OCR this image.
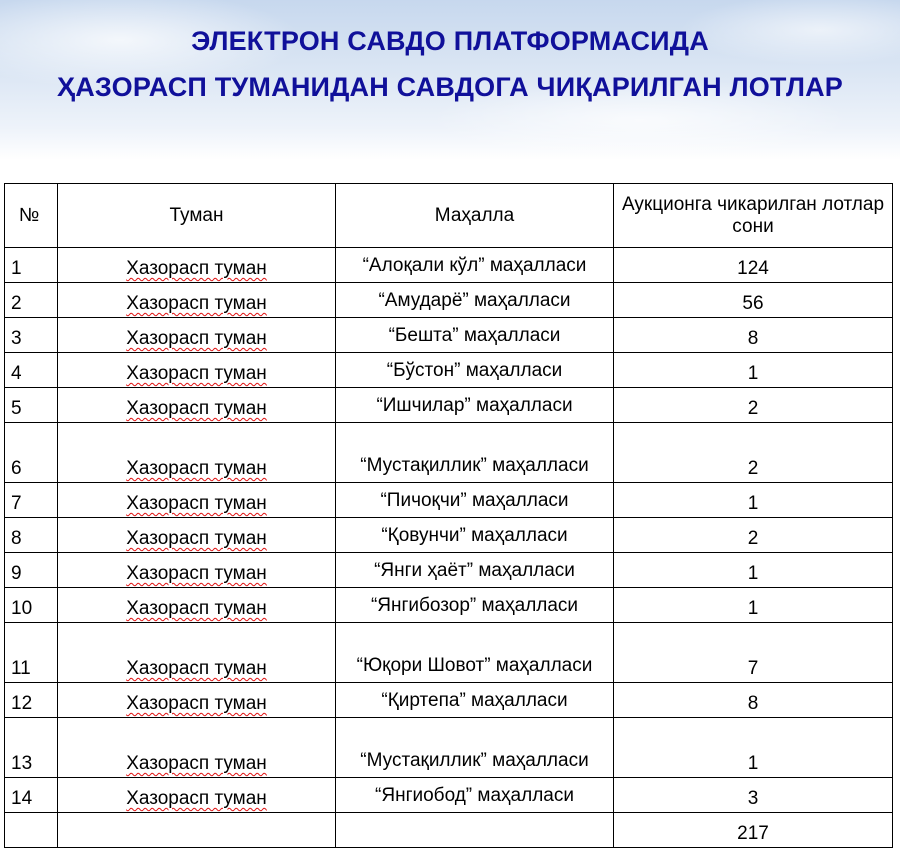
ЭЛЕКТРОН САВДО ПЛАТФОРМАСИДА
ҲАЗОРАСП ТУМАНИДАН САВДОГА ЧИҚАРИЛГАН ЛОТЛАР
№	Туман	Маҳалла	Аукционга чикарилган лотлар сони
1	Хазорасп туман	“Алоқали кўл” маҳалласи	124
2	Хазорасп туман	“Амударё” маҳалласи	56
3	Хазорасп туман	“Бешта” маҳалласи	8
4	Хазорасп туман	“Бўстон” маҳалласи	1
5	Хазорасп туман	“Ишчилар” маҳалласи	2
6	Хазорасп туман	“Мустақиллик” маҳалласи	2
7	Хазорасп туман	“Пичоқчи” маҳалласи	1
8	Хазорасп туман	“Қовунчи” маҳалласи	2
9	Хазорасп туман	“Янги ҳаёт” маҳалласи	1
10	Хазорасп туман	“Янгибозор” маҳалласи	1
11	Хазорасп туман	“Юқори Шовот” маҳалласи	7
12	Хазорасп туман	“Қиртепа” маҳалласи	8
13	Хазорасп туман	“Мустақиллик” маҳалласи	1
14	Хазорасп туман	“Янгиобод” маҳалласи	3
			217
